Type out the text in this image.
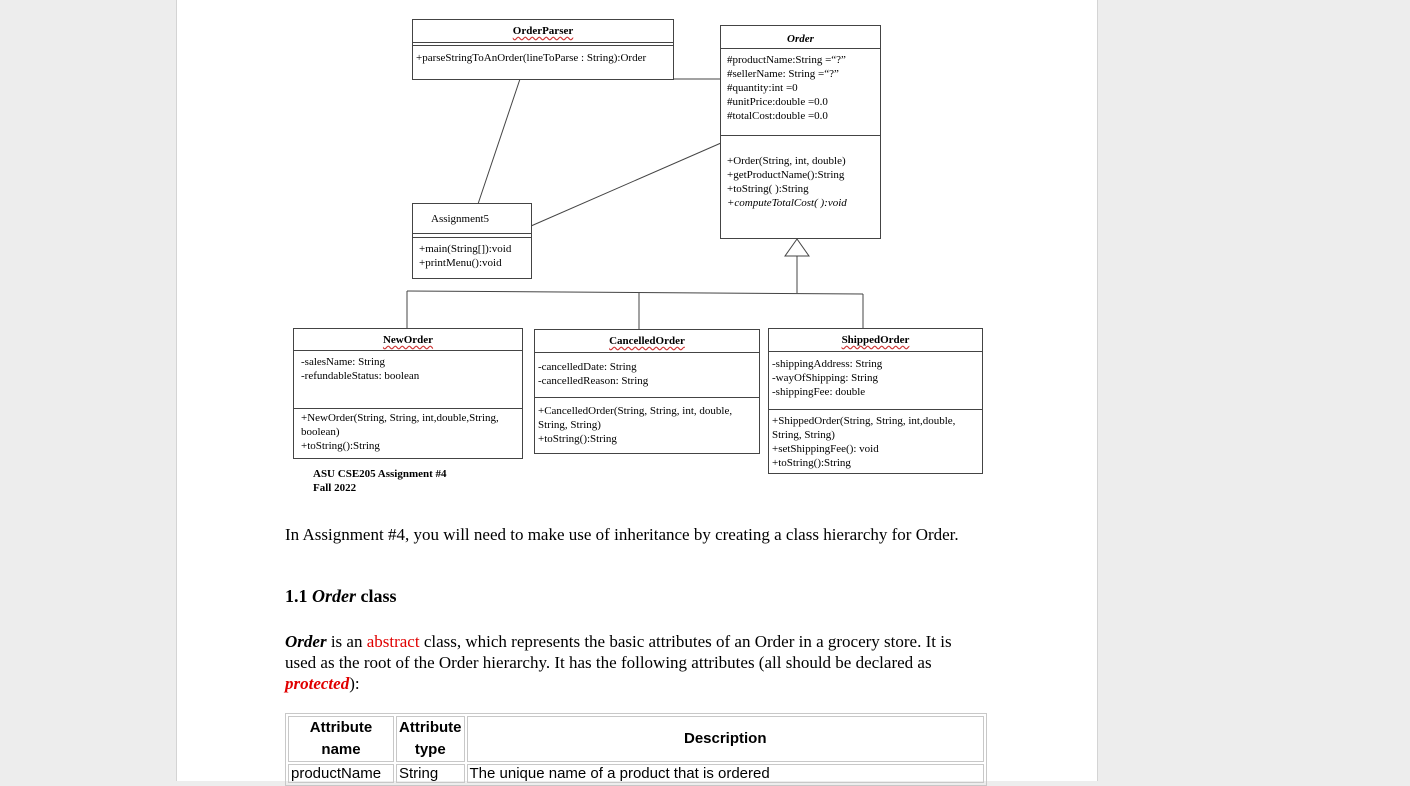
OrderParser
+parseStringToAnOrder(lineToParse : String):Order
Order
#productName:String =“?”
#sellerName: String =“?”
#quantity:int =0
#unitPrice:double =0.0
#totalCost:double =0.0
+Order(String, int, double)
+getProductName():String
+toString( ):String
+computeTotalCost( ):void
Assignment5
+main(String[]):void
+printMenu():void
NewOrder
-salesName: String
-refundableStatus: boolean
+NewOrder(String, String, int,double,String,
boolean)
+toString():String
CancelledOrder
-cancelledDate: String
-cancelledReason: String
+CancelledOrder(String, String, int, double,
String, String)
+toString():String
ShippedOrder
-shippingAddress: String
-wayOfShipping: String
-shippingFee: double
+ShippedOrder(String, String, int,double,
String, String)
+setShippingFee(): void
+toString():String
ASU CSE205 Assignment #4
Fall 2022
In Assignment #4, you will need to make use of inheritance by creating a class hierarchy for Order.
1.1 Order class
Order is an abstract class, which represents the basic attributes of an Order in a grocery store. It is used as the root of the Order hierarchy. It has the following attributes (all should be declared as protected):
Attribute name	Attribute type	Description
productName	String	The unique name of a product that is ordered
